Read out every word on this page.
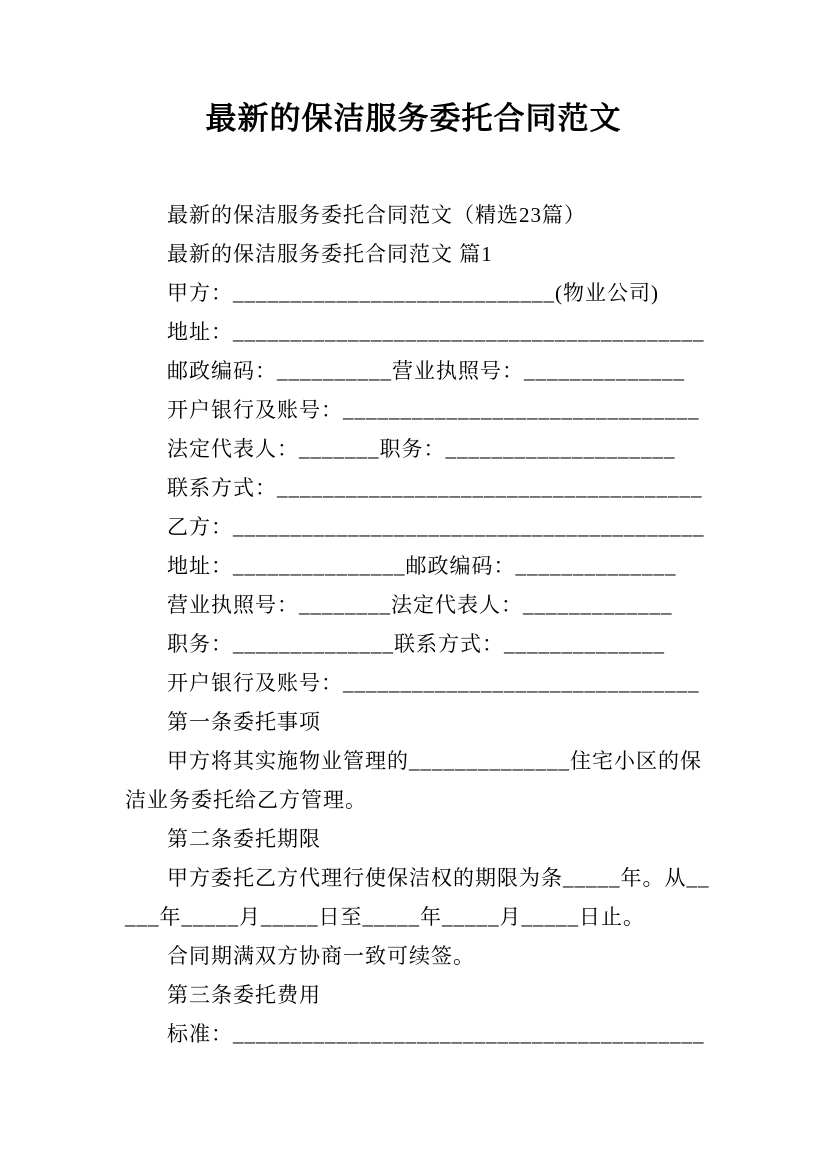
最新的保洁服务委托合同范文

最新的保洁服务委托合同范文（精选23篇）

最新的保洁服务委托合同范文 篇1

甲方：____________________________(物业公司)

地址：_________________________________________

邮政编码：__________营业执照号：______________

开户银行及账号：_______________________________

法定代表人：_______职务：____________________

联系方式：_____________________________________

乙方：_________________________________________

地址：_______________邮政编码：______________

营业执照号：________法定代表人：_____________

职务：______________联系方式：______________

开户银行及账号：_______________________________

第一条委托事项

甲方将其实施物业管理的______________住宅小区的保洁业务委托给乙方管理。

第二条委托期限

甲方委托乙方代理行使保洁权的期限为条_____年。从_____年_____月_____日至_____年_____月_____日止。

合同期满双方协商一致可续签。

第三条委托费用

标准：_________________________________________
